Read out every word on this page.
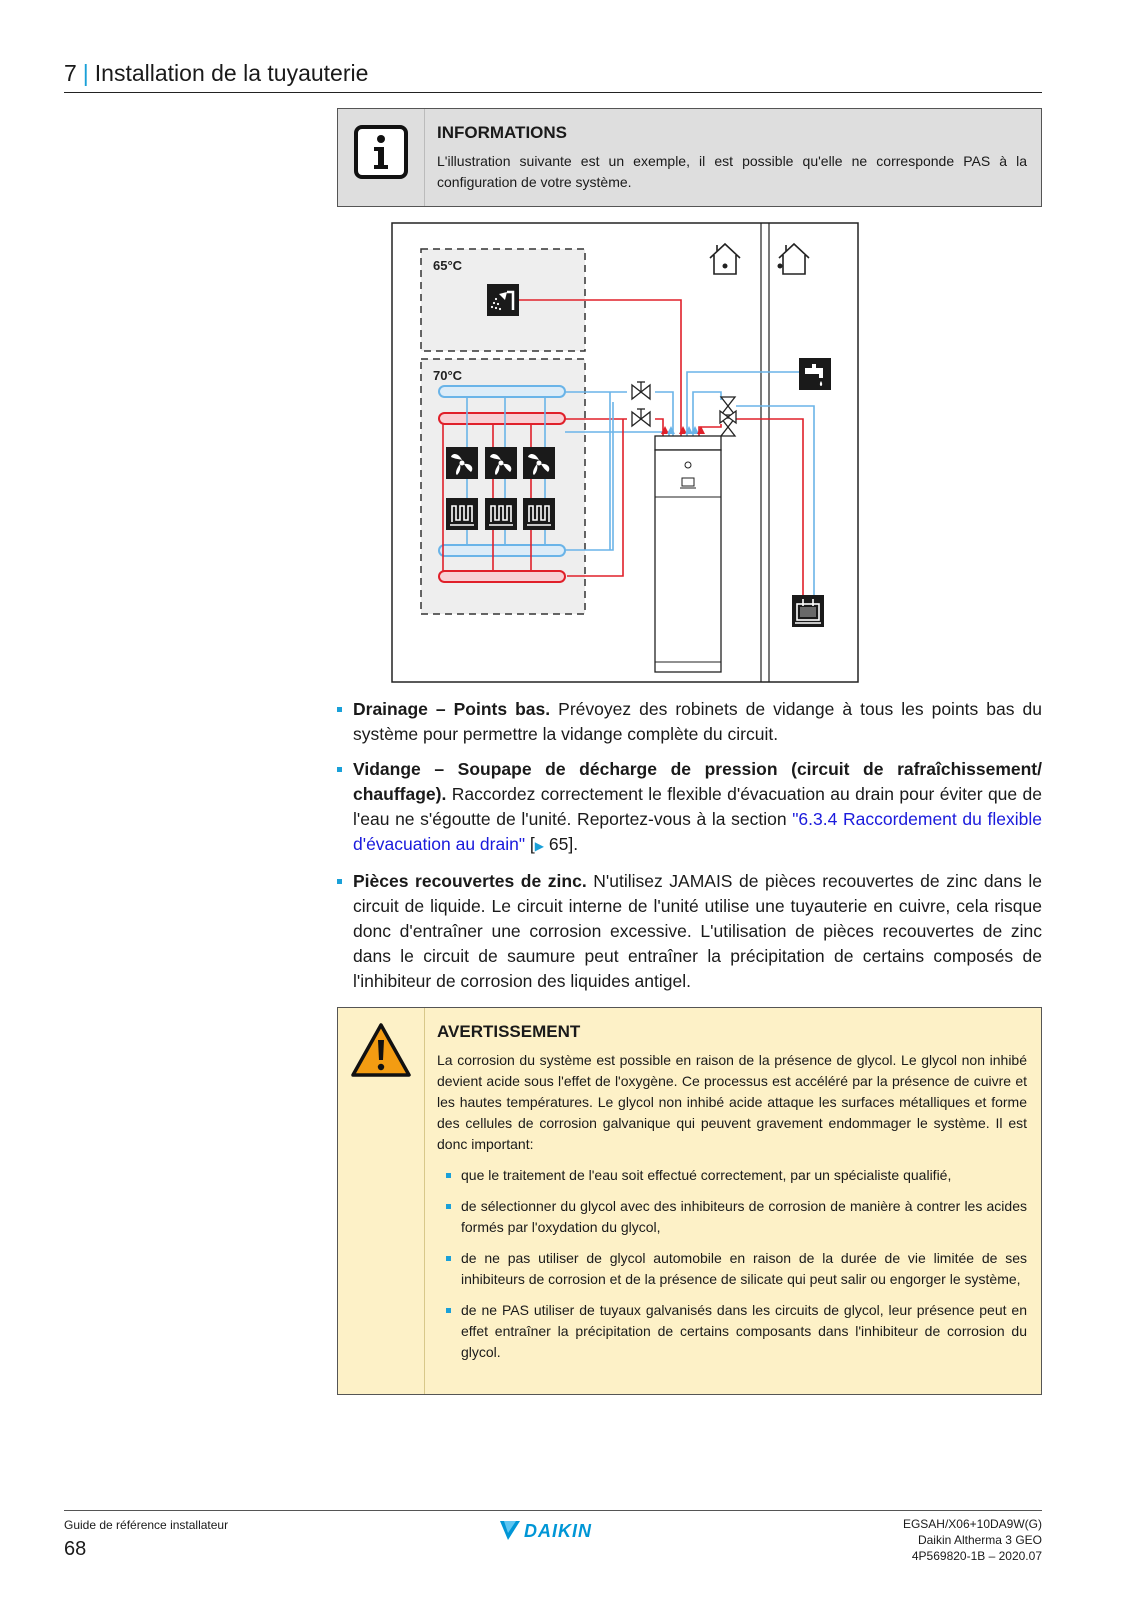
7 | Installation de la tuyauterie
INFORMATIONS
L'illustration suivante est un exemple, il est possible qu'elle ne corresponde PAS à la configuration de votre système.
65°C
70°C
Drainage – Points bas. Prévoyez des robinets de vidange à tous les points bas du système pour permettre la vidange complète du circuit.
Vidange – Soupape de décharge de pression (circuit de rafraîchissement/ chauffage). Raccordez correctement le flexible d'évacuation au drain pour éviter que de l'eau ne s'égoutte de l'unité. Reportez-vous à la section "6.3.4 Raccordement du flexible d'évacuation au drain" [▶ 65].
Pièces recouvertes de zinc. N'utilisez JAMAIS de pièces recouvertes de zinc dans le circuit de liquide. Le circuit interne de l'unité utilise une tuyauterie en cuivre, cela risque donc d'entraîner une corrosion excessive. L'utilisation de pièces recouvertes de zinc dans le circuit de saumure peut entraîner la précipitation de certains composés de l'inhibiteur de corrosion des liquides antigel.
AVERTISSEMENT
La corrosion du système est possible en raison de la présence de glycol. Le glycol non inhibé devient acide sous l'effet de l'oxygène. Ce processus est accéléré par la présence de cuivre et les hautes températures. Le glycol non inhibé acide attaque les surfaces métalliques et forme des cellules de corrosion galvanique qui peuvent gravement endommager le système. Il est donc important:
que le traitement de l'eau soit effectué correctement, par un spécialiste qualifié,
de sélectionner du glycol avec des inhibiteurs de corrosion de manière à contrer les acides formés par l'oxydation du glycol,
de ne pas utiliser de glycol automobile en raison de la durée de vie limitée de ses inhibiteurs de corrosion et de la présence de silicate qui peut salir ou engorger le système,
de ne PAS utiliser de tuyaux galvanisés dans les circuits de glycol, leur présence peut en effet entraîner la précipitation de certains composants dans l'inhibiteur de corrosion du glycol.
Guide de référence installateur
68
DAIKIN	EGSAH/X06+10DA9W(G)
Daikin Altherma 3 GEO
4P569820-1B – 2020.07
